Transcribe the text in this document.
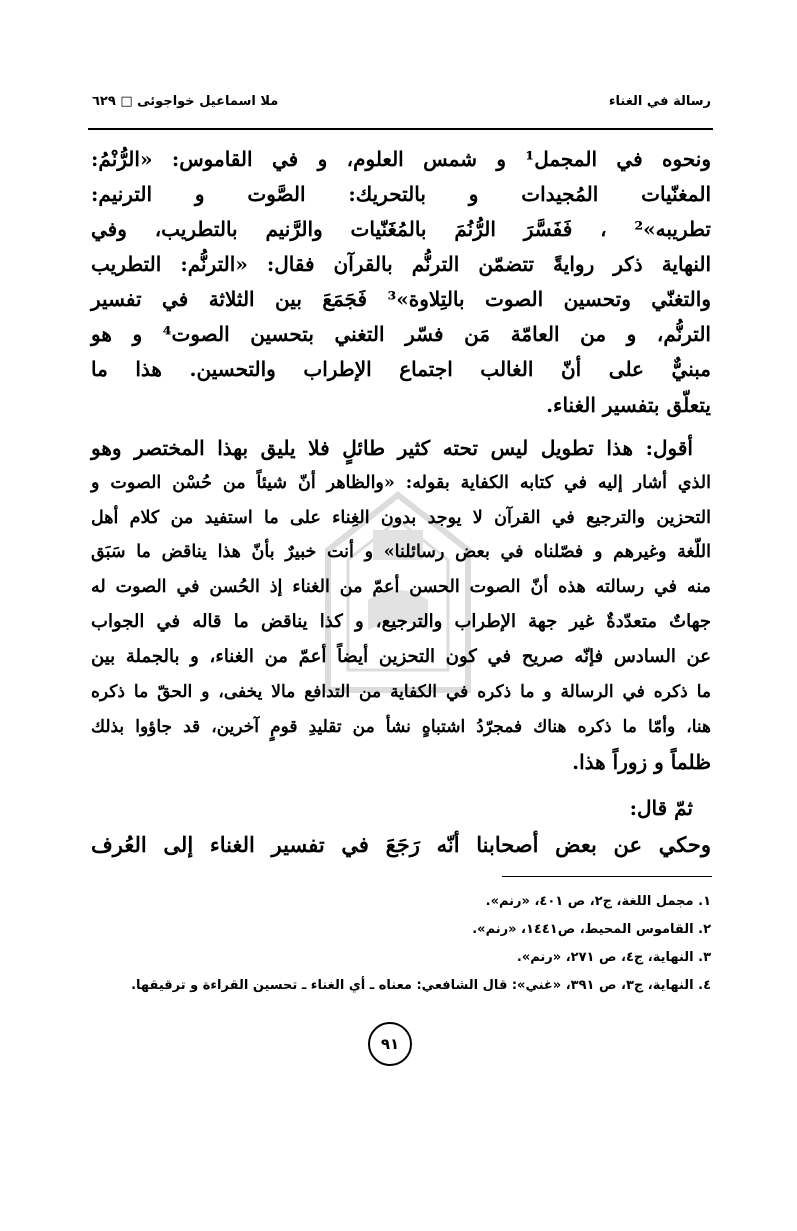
رسالة في الغناء
ملا اسماعيل خواجوئى □ ٦٢٩
ونحوه في المجمل¹ و شمس العلوم، و في القاموس: «الرُّنْمُ:
المغنّيات المُجيدات و بالتحريك: الصَّوت و الترنيم:
تطريبه»² ، فَفَسَّرَ الرُّنُمَ بالمُغَنّيات والرَّنيم بالتطريب، وفي
النهاية ذكر روايةً تتضمّن الترنُّم بالقرآن فقال: «الترنُّم: التطريب
والتغنّي وتحسين الصوت بالتِلاوة»³ فَجَمَعَ بين الثلاثة في تفسير
الترنُّم، و من العامّة مَن فسّر التغني بتحسين الصوت⁴ و هو
مبنيٌّ على أنّ الغالب اجتماع الإطراب والتحسين. هذا ما
يتعلّق بتفسير الغناء.
أقول: هذا تطويل ليس تحته كثير طائلٍ فلا يليق بهذا المختصر وهو
الذي أشار إليه في كتابه الكفاية بقوله: «والظاهر أنّ شيئاً من حُسْن الصوت و
التحزين والترجيع في القرآن لا يوجد بدون الغِناء على ما استفيد من كلام أهل
اللّغة وغيرهم و فصّلناه في بعض رسائلنا» و أنت خبيرٌ بأنّ هذا يناقض ما سَبَق
منه في رسالته هذه أنّ الصوت الحسن أعمّ من الغناء إذ الحُسن في الصوت له
جهاتٌ متعدّدةٌ غير جهة الإطراب والترجيع، و كذا يناقض ما قاله في الجواب
عن السادس فإنّه صريح في كون التحزين أيضاً أعمّ من الغناء، و بالجملة بين
ما ذكره في الرسالة و ما ذكره في الكفاية من التدافع مالا يخفى، و الحقّ ما ذكره
هنا، وأمّا ما ذكره هناك فمجرّدُ اشتباهٍ نشأ من تقليدِ قومٍ آخرين، قد جاؤوا بذلك
ظلماً و زوراً هذا.
ثمّ قال:
وحكي عن بعض أصحابنا أنّه رَجَعَ في تفسير الغناء إلى العُرف
١. مجمل اللغة، ج٢، ص ٤٠١، «رنم».
٢. القاموس المحيط، ص١٤٤١، «رنم».
٣. النهاية، ج٤، ص ٢٧١، «رنم».
٤. النهاية، ج٣، ص ٣٩١، «غني»: قال الشافعي: معناه ـ أي الغناء ـ تحسين القراءة و ترقيقها.
٩١
